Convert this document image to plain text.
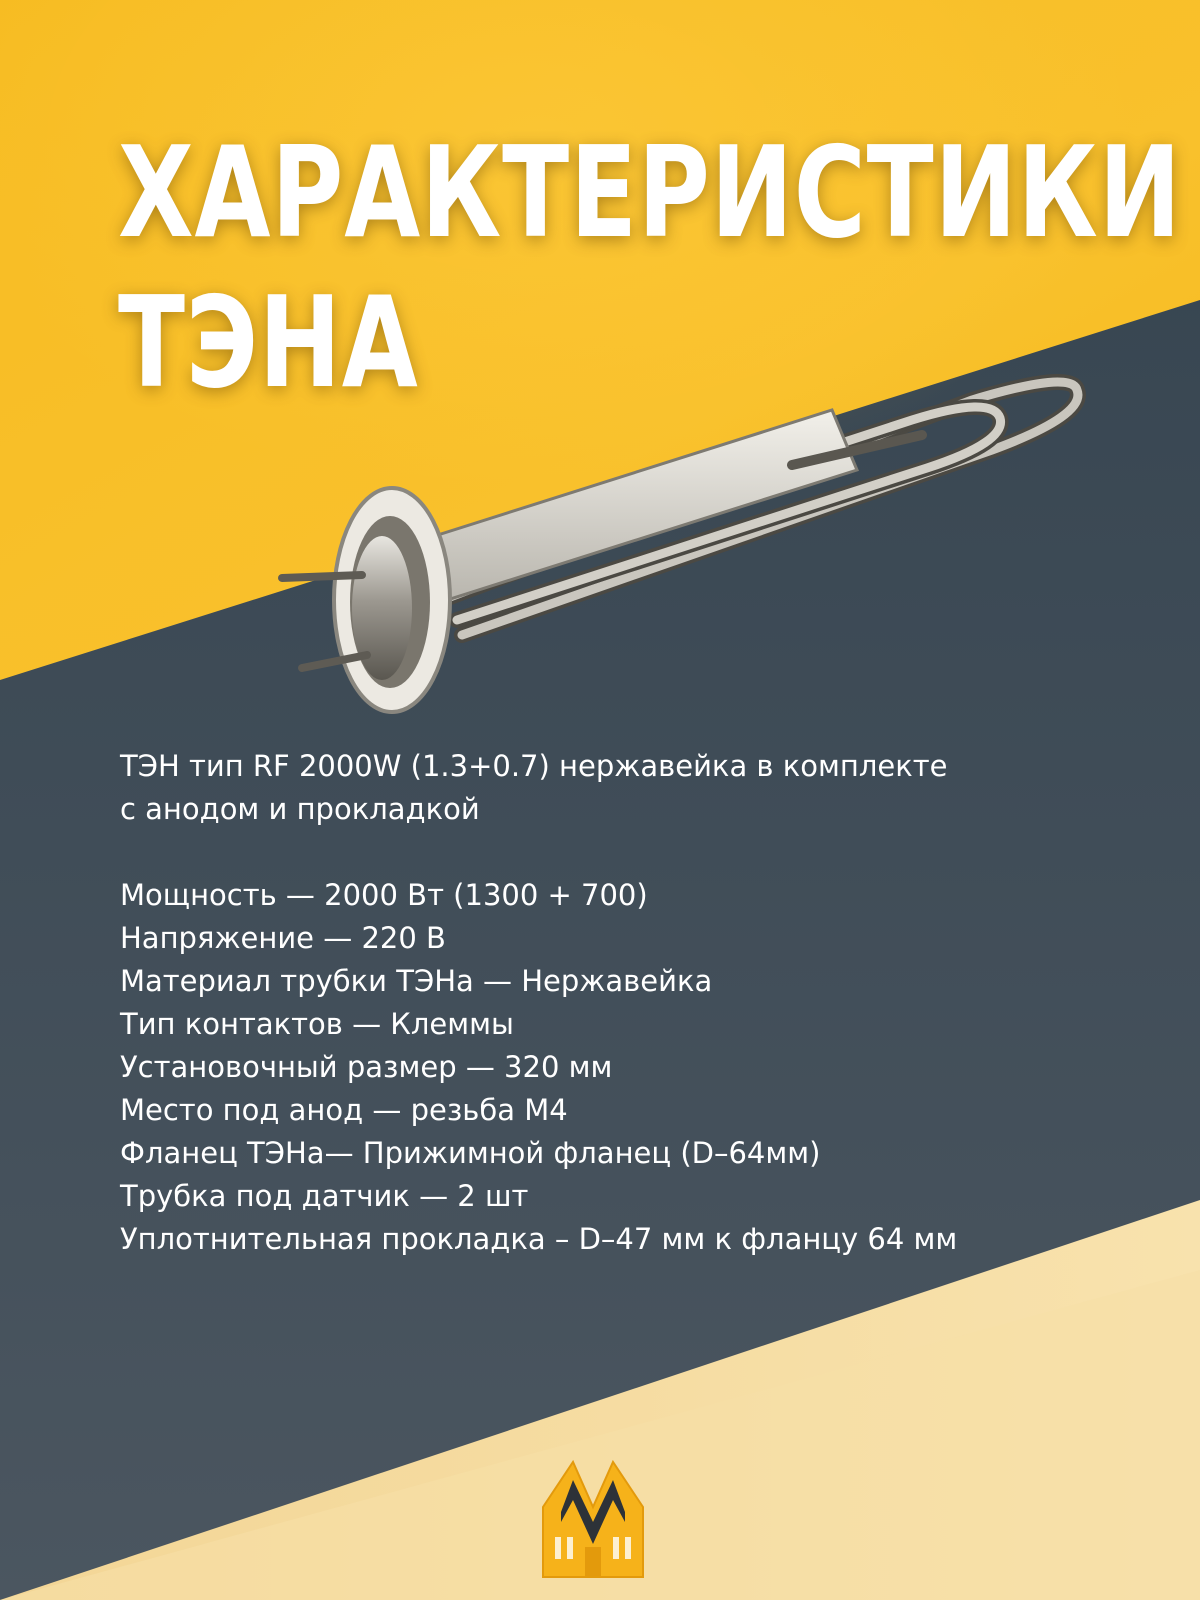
ХАРАКТЕРИСТИКИ
ТЭНА

ТЭН тип RF 2000W (1.3+0.7) нержавейка в комплекте
с анодом и прокладкой

Мощность — 2000 Вт (1300 + 700)
Напряжение — 220 В
Материал трубки ТЭНа — Нержавейка
Тип контактов — Клеммы
Установочный размер — 320 мм
Место под анод — резьба М4
Фланец ТЭНа— Прижимной фланец (D–64мм)
Трубка под датчик — 2 шт
Уплотнительная прокладка – D–47 мм к фланцу 64 мм
